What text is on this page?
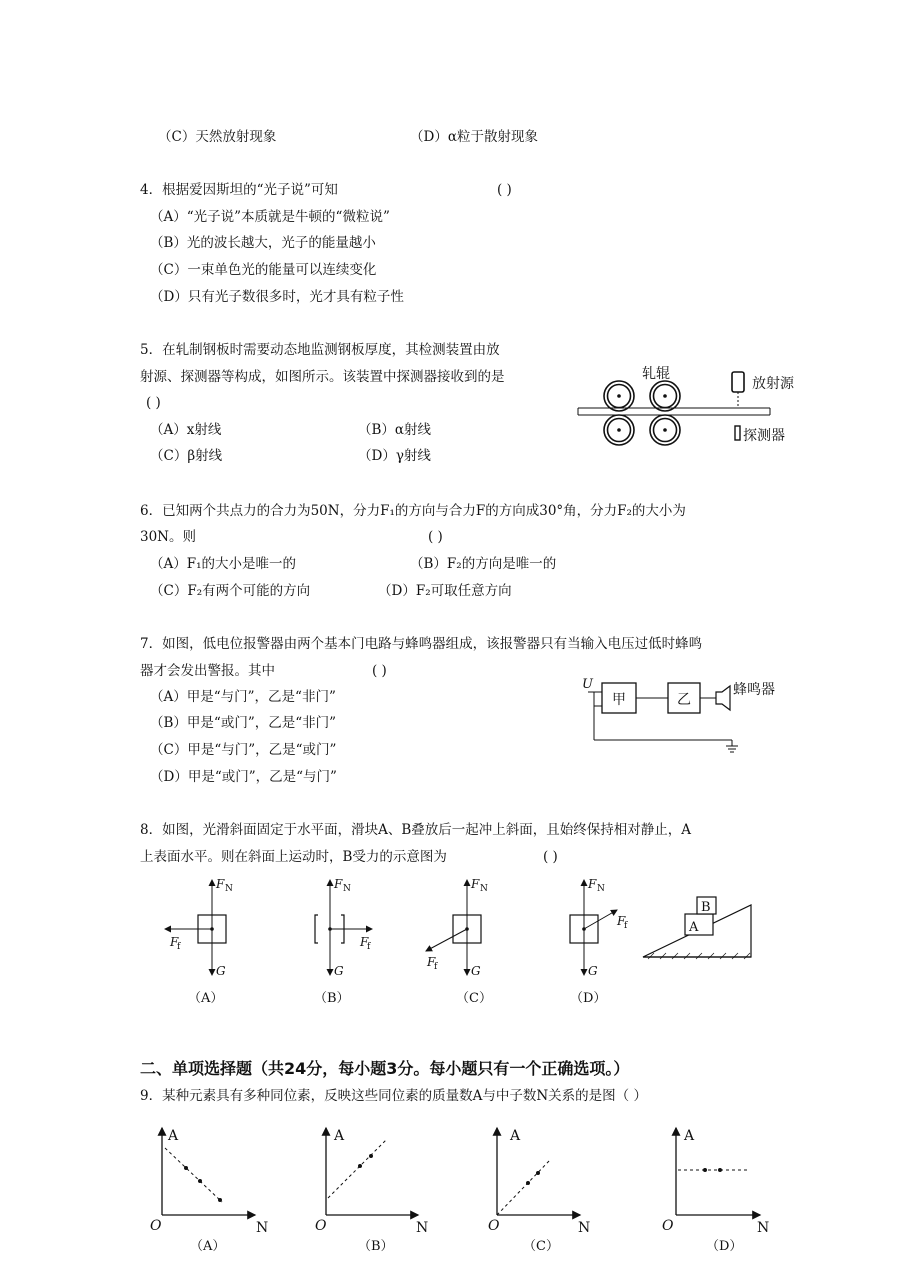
（C）天然放射现象	（D）α粒于散射现象
4．根据爱因斯坦的“光子说”可知	( )
（A）“光子说”本质就是牛顿的“微粒说”
（B）光的波长越大，光子的能量越小
（C）一束单色光的能量可以连续变化
（D）只有光子数很多时，光才具有粒子性
5．在轧制钢板时需要动态地监测钢板厚度，其检测装置由放
射源、探测器等构成，如图所示。该装置中探测器接收到的是
( )
（A）x射线	（B）α射线
（C）β射线	（D）γ射线
轧辊
放射源
探测器
6．已知两个共点力的合力为50N，分力F₁的方向与合力F的方向成30°角，分力F₂的大小为
30N。则	( )
（A）F₁的大小是唯一的	（B）F₂的方向是唯一的
（C）F₂有两个可能的方向	（D）F₂可取任意方向
7．如图，低电位报警器由两个基本门电路与蜂鸣器组成，该报警器只有当输入电压过低时蜂鸣
器才会发出警报。其中	( )
（A）甲是“与门”，乙是“非门”
（B）甲是“或门”，乙是“非门”
（C）甲是“与门”，乙是“或门”
（D）甲是“或门”，乙是“与门”
U
甲	乙
蜂鸣器
8．如图，光滑斜面固定于水平面，滑块A、B叠放后一起冲上斜面，且始终保持相对静止，A
上表面水平。则在斜面上运动时，B受力的示意图为	( )
F N
F
f
G
（A）
F N
F
f
G
（B）
F N
F
f	G
（C）
F N
F
f
G
（D）
A
B
二、单项选择题（共24分，每小题3分。每小题只有一个正确选项。）
9．某种元素具有多种同位素，反映这些同位素的质量数A与中子数N关系的是图（ ）
A
N
O
（A）
A
N
O
（B）
A
N
O
（C）
A
N
O
（D）
